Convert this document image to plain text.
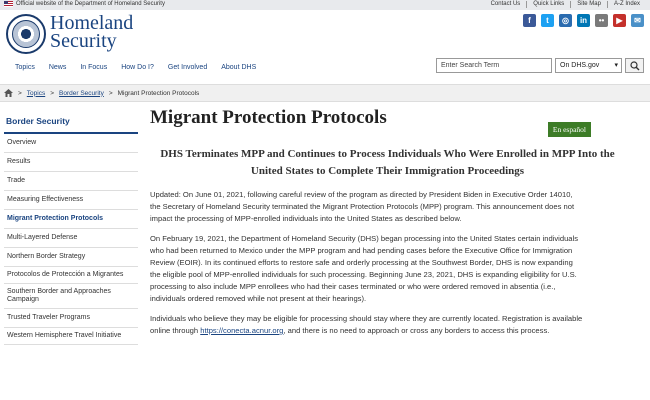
Official website of the Department of Homeland Security	Contact Us	Quick Links	Site Map	A-Z Index
Homeland
Security
f	t	◎	in	••	▶	✉
Topics	News	In Focus	How Do I?	Get Involved	About DHS	Enter Search Term	On DHS.gov ▾
> Topics > Border Security > Migrant Protection Protocols
Border Security
Overview
Results
Trade
Measuring Effectiveness
Migrant Protection Protocols
Multi-Layered Defense
Northern Border Strategy
Protocolos de Protección a Migrantes
Southern Border and Approaches Campaign
Trusted Traveler Programs
Western Hemisphere Travel Initiative
Migrant Protection Protocols
En español
DHS Terminates MPP and Continues to Process Individuals Who Were Enrolled in MPP Into the United States to Complete Their Immigration Proceedings

Updated: On June 01, 2021, following careful review of the program as directed by President Biden in Executive Order 14010, the Secretary of Homeland Security terminated the Migrant Protection Protocols (MPP) program. This announcement does not impact the processing of MPP-enrolled individuals into the United States as described below.

On February 19, 2021, the Department of Homeland Security (DHS) began processing into the United States certain individuals who had been returned to Mexico under the MPP program and had pending cases before the Executive Office for Immigration Review (EOIR). In its continued efforts to restore safe and orderly processing at the Southwest Border, DHS is now expanding the eligible pool of MPP-enrolled individuals for such processing. Beginning June 23, 2021, DHS is expanding eligibility for U.S. processing to also include MPP enrollees who had their cases terminated or who were ordered removed in absentia (i.e., individuals ordered removed while not present at their hearings).

Individuals who believe they may be eligible for processing should stay where they are currently located. Registration is available online through https://conecta.acnur.org, and there is no need to approach or cross any borders to access this process.
